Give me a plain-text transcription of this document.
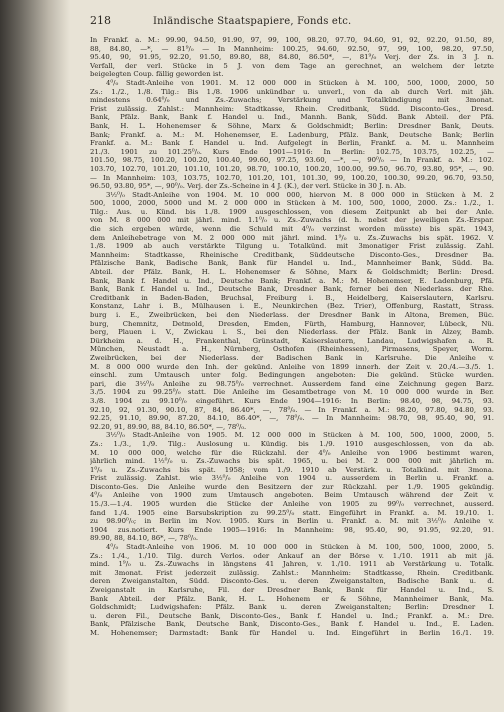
218	Inländische Staatspapiere, Fonds etc.
In Frankf. a. M.: 99.90, 94.50, 91.90, 97, 99, 100, 98.20, 97.70, 94.60, 91, 92, 92.20, 91.50, 89,
88, 84.80, —*, — 81⁹/₀ — In Mannheim: 100.25, 94.60, 92.50, 97, 99, 100, 98.20, 97.50,
95.40, 90, 91.95, 92.20, 91.50, 89.80, 88, 84.80, 86.50*, —, 81⁹/₀ Verj. der Zs. in 3 J. n.
Verfall, der verl. Stücke in 5 J. von dem Tage an gerechnet, an welchem der letzte
beigelegten Coup. fällig geworden ist.
4⁰/₀ Stadt-Anleihe von 1901. M. 12 000 000 in Stücken à M. 100, 500, 1000, 2000, 50
Zs.: 1./2., 1./8. Tilg.: Bis 1./8. 1906 unkündbar u. unverl., von da ab durch Verl. mit jäh.
mindestens 0.64⁰/₀ und Zs.-Zuwachs; Verstärkung und Totalkündigung mit 3monat.
Frist zulässig. Zahlst.: Mannheim: Stadtkasse, Rhein. Creditbank, Südd. Disconto-Ges., Dresd.
Bank, Pfälz. Bank, Bank f. Handel u. Ind., Mannh. Bank, Südd. Bank Abteil. der Pfä.
Bank, H. L. Hohenemser & Söhne, Marx & Goldschmidt; Berlin: Dresdner Bank, Deuts.
Bank; Frankf. a. M.: M. Hohenemser, E. Ladenburg, Pfälz. Bank, Deutsche Bank; Berlin
Frankf. a. M.: Bank f. Handel u. Ind. Aufgelegt in Berlin, Frankf. a. M. u. Mannheim
21./3. 1901 zu 101.25⁰/₀. Kurs Ende 1901—1916: In Berlin: 102.75, 103.75, 102.25, —
101.50, 98.75, 100.20, 100.20, 100.40, 99.60, 97.25, 93.60, —*, —, 90⁰/₀ — In Frankf. a. M.: 102.
103.70, 102.70, 101.20, 101.10, 101.20, 98.70, 100.10, 100.20, 100.00, 99.50, 96.70, 93.80, 95*, —, 90.
— In Mannheim: 103, 103.75, 102.70, 101.20, 101, 101.30, 99, 100.20, 100.30, 99.20, 96.70, 93.50,
96.50, 93.80, 95*, —, 90⁰/₀. Verj. der Zs.-Scheine in 4 J. (K.), der verl. Stücke in 30 J. n. Ab.
3½⁰/₀ Stadt-Anleihe von 1904. M. 10 000 000, hiervon M. 8 000 000 in Stücken à M. 2
500, 1000, 2000, 5000 und M. 2 000 000 in Stücken à M. 100, 500, 1000, 2000. Zs.: 1./2., 1.
Tilg.: Aus. u. Künd. bis 1./8. 1909 ausgeschlossen, von diesem Zeitpunkt ab bei der Anle.
von M. 8 000 000 mit jährl. mind. 1.1⁰/₀ u. Zs.-Zuwachs (d. h. nebst der jeweiligen Zs.-Erspar.
die sich ergeben würde, wenn die Schuld mit 4⁰/₀ verzinst worden müsste) bis spät. 1943,
dem Anleihebetrage von M. 2 000 000 mit jährl. mind. 1⁹/₀ u. Zs.-Zuwachs bis spät. 1962. V.
1./8. 1909 ab auch verstärkte Tilgung u. Totalkünd. mit 3monatiger Frist zulässig. Zahl.
Mannheim: Stadtkasse, Rheinische Creditbank, Süddeutsche Disconto-Ges., Dresdner Ba.
Pfälzische Bank, Badische Bank, Bank für Handel u. Ind., Mannheimer Bank, Südd. Ba.
Abteil. der Pfälz. Bank, H. L. Hohenemser & Söhne, Marx & Goldschmidt; Berlin: Dresd.
Bank, Bank f. Handel u. Ind., Deutsche Bank; Frankf. a. M.: M. Hohenemser, E. Ladenburg, Pfä.
Bank, Bank f. Handel u. Ind., Deutsche Bank, Dresdner Bank, ferner bei den Niederlass. der Rhe.
Creditbank in Baden-Baden, Bruchsal, Freiburg i. B., Heidelberg, Kaiserslautern, Karlsru.
Konstanz, Lahr i. B., Mülhausen i. E., Neunkirchen (Bez. Trier), Offenburg, Rastatt, Strass.
burg i. E., Zweibrücken, bei den Niederlass. der Dresdner Bank in Altona, Bremen, Büc.
burg, Chemnitz, Detmold, Dresden, Emden, Fürth, Hamburg, Hannover, Lübeck, Nü.
berg, Plauen i. V., Zwickau i. S., bei den Niederlass. der Pfälz. Bank in Alzey, Bamb.
Dürkheim a. d. H., Frankenthal, Grünstadt, Kaiserslautern, Landau, Ludwigshafen a. R.
München, Neustadt a. H., Nürnberg, Osthofen (Rheinhessen), Pirmasens, Speyer, Worm.
Zweibrücken, bei der Niederlass. der Badischen Bank in Karlsruhe. Die Anleihe v.
M. 8 000 000 wurde den Inh. der gekünd. Anleihe von 1899 innerh. der Zeit v. 20./4.—3./5. 1.
einschl. zum Umtausch unter folg. Bedingungen angeboten: Die gekünd. Stücke wurden.
pari, die 3½⁰/₀ Anleihe zu 98.75⁰/₀ verrechnet. Ausserdem fand eine Zeichnung gegen Barz.
3./5. 1904 zu 99.25⁰/₀ statt. Die Anleihe im Gesamtbetrage von M. 10 000 000 wurde in Ber.
3./8. 1904 zu 99.10⁰/₀ eingeführt. Kurs Ende 1904—1916: In Berlin: 98.40, 98, 94.75, 93.
92.10, 92, 91.30, 90.10, 87, 84, 86.40*, —, 78⁰/₀. — In Frankf. a. M.: 98.20, 97.80, 94.80, 93.
92.25, 91.10, 89.90, 87.20, 84.10, 86.40*, —, 78⁰/₀. — In Mannheim: 98.70, 98, 95.40, 90, 91.
92.20, 91, 89.90, 88, 84.10, 86.50*, —, 78⁰/₀.
3½⁰/₀ Stadt-Anleihe von 1905. M. 12 000 000 in Stücken à M. 100, 500, 1000, 2000, 5.
Zs.: 1./3., 1./9. Tilg.: Auslosung u. Kündig. bis 1./9. 1910 ausgeschlossen, von da ab.
M. 10 000 000, welche für die Rückzahl. der 4⁰/₀ Anleihe von 1906 bestimmt waren,
jährlich mind. 1½⁰/₀ u. Zs.-Zuwachs bis spät. 1965, u. bei M. 2 000 000 mit jährlich m.
1⁰/₀ u. Zs.-Zuwachs bis spät. 1958; vom 1./9. 1910 ab Verstärk. u. Totalkünd. mit 3mona.
Frist zulässig. Zahlst. wie 3½⁰/₀ Anleihe von 1904 u. ausserdem in Berlin u. Frankf. a.
Disconto-Ges. Die Anleihe wurde den Besitzern der zur Rückzahl. per 1./9. 1905 gekündig.
4⁰/₀ Anleihe von 1900 zum Umtausch angeboten. Beim Umtausch während der Zeit v.
15./3.—1./4. 1905 wurden die Stücke der Anleihe von 1905 zu 99⁰/₀ verrechnet, ausserd.
fand 1./4. 1905 eine Barsubskription zu 99.25⁰/₀ statt. Eingeführt in Frankf. a. M. 19./10. 1.
zu 98.90⁰/₀; in Berlin im Nov. 1905. Kurs in Berlin u. Frankf. a. M. mit 3½⁰/₀ Anleihe v.
1904 zus.notiert. Kurs Ende 1905—1916: In Mannheim: 98, 95.40, 90, 91.95, 92.20, 91.
89.90, 88, 84.10, 86*, —, 78⁰/₀.
4⁰/₀ Stadt-Anleihe von 1906. M. 10 000 000 in Stücken à M. 100, 500, 1000, 2000, 5.
Zs.: 1./4., 1./10. Tilg. durch Verlos. oder Ankauf an der Börse v. 1./10. 1911 ab mit jä.
mind. 1⁹/₀ u. Zs.-Zuwachs in längstens 41 Jahren, v. 1./10. 1911 ab Verstärkung u. Totalk.
mit 3monat. Frist jederzeit zulässig. Zahlst.: Mannheim: Stadtkasse, Rhein. Creditbank.
deren Zweiganstalten, Südd. Disconto-Ges. u. deren Zweiganstalten, Badische Bank u. d.
Zweiganstalt in Karlsruhe, Fil. der Dresdner Bank, Bank für Handel u. Ind., S.
Bank Abteil. der Pfälz. Bank, H. L. Hohenem er & Söhne, Mannheimer Bank, Ma.
Goldschmidt; Ludwigshafen: Pfälz. Bank u. deren Zweiganstalten; Berlin: Dresdner I.
u. deren Fil., Deutsche Bank, Disconto-Ges., Bank f. Handel u. Ind.; Frankf. a. M.: Dre.
Bank, Pfälzische Bank, Deutsche Bank, Disconto-Ges., Bank f. Handel u. Ind., E. Laden.
M. Hohenemser; Darmstadt: Bank für Handel u. Ind. Eingeführt in Berlin 16./1. 19.
